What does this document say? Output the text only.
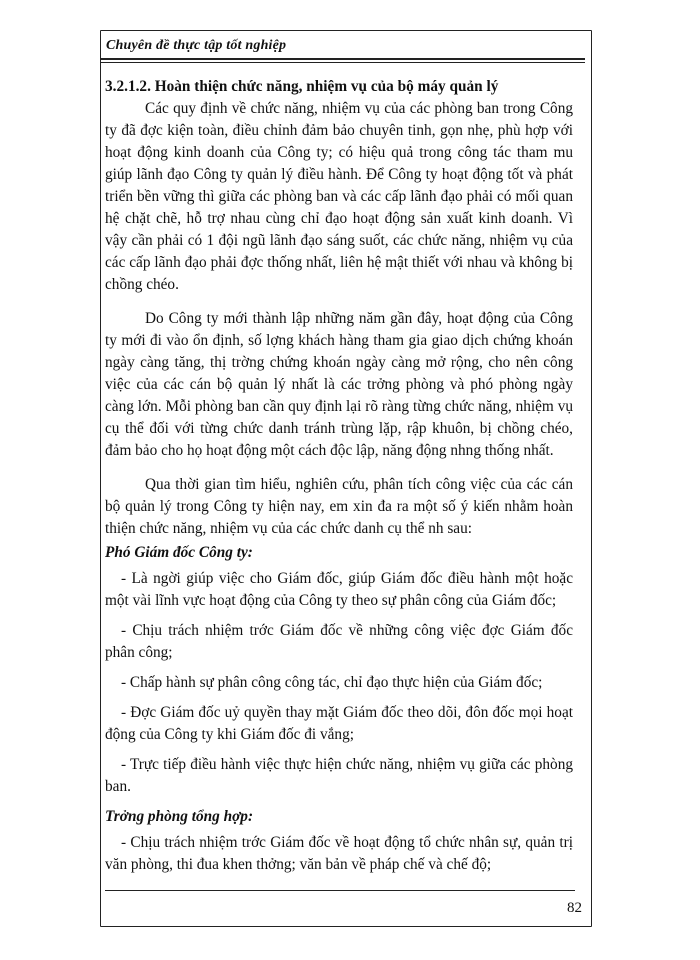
Chuyên đề thực tập tốt nghiệp

3.2.1.2. Hoàn thiện chức năng, nhiệm vụ của bộ máy quản lý

Các quy định về chức năng, nhiệm vụ của các phòng ban trong Công ty đã đợc kiện toàn, điều chỉnh đảm bảo chuyên tinh, gọn nhẹ, phù hợp với hoạt động kinh doanh của Công ty; có hiệu quả trong công tác tham mu giúp lãnh đạo Công ty quản lý điều hành. Để Công ty hoạt động tốt và phát triển bền vững thì giữa các phòng ban và các cấp lãnh đạo phải có mối quan hệ chặt chẽ, hỗ trợ nhau cùng chỉ đạo hoạt động sản xuất kinh doanh. Vì vậy cần phải có 1 đội ngũ lãnh đạo sáng suốt, các chức năng, nhiệm vụ của các cấp lãnh đạo phải đợc thống nhất, liên hệ mật thiết với nhau và không bị chồng chéo.

Do Công ty mới thành lập những năm gần đây, hoạt động của Công ty mới đi vào ổn định, số lợng khách hàng tham gia giao dịch chứng khoán ngày càng tăng, thị trờng chứng khoán ngày càng mở rộng, cho nên công việc của các cán bộ quản lý nhất là các trởng phòng và phó phòng ngày càng lớn. Mỗi phòng ban cần quy định lại rõ ràng từng chức năng, nhiệm vụ cụ thể đối với từng chức danh tránh trùng lặp, rập khuôn, bị chồng chéo, đảm bảo cho họ hoạt động một cách độc lập, năng động nhng thống nhất.

Qua thời gian tìm hiểu, nghiên cứu, phân tích công việc của các cán bộ quản lý trong Công ty hiện nay, em xin đa ra một số ý kiến nhằm hoàn thiện chức năng, nhiệm vụ của các chức danh cụ thể nh sau:

Phó Giám đốc Công ty:

- Là ngời giúp việc cho Giám đốc, giúp Giám đốc điều hành một hoặc một vài lĩnh vực hoạt động của Công ty theo sự phân công của Giám đốc;

- Chịu trách nhiệm trớc Giám đốc về những công việc đợc Giám đốc phân công;

- Chấp hành sự phân công công tác, chỉ đạo thực hiện của Giám đốc;

- Đợc Giám đốc uỷ quyền thay mặt Giám đốc theo dõi, đôn đốc mọi hoạt động của Công ty khi Giám đốc đi vắng;

- Trực tiếp điều hành việc thực hiện chức năng, nhiệm vụ giữa các phòng ban.

Trởng phòng tổng hợp:

- Chịu trách nhiệm trớc Giám đốc về hoạt động tổ chức nhân sự, quản trị văn phòng, thi đua khen thởng; văn bản về pháp chế và chế độ;

82
